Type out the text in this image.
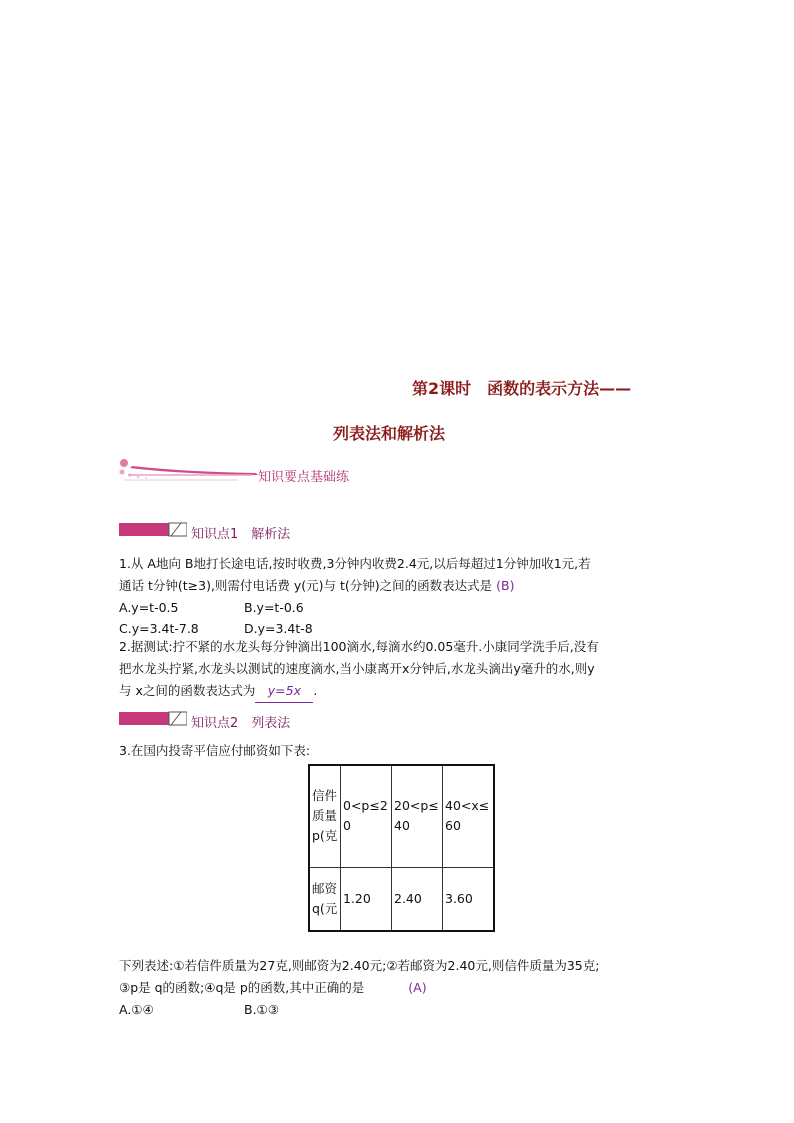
第2课时　函数的表示方法——
列表法和解析法
知识要点基础练
知识点1　解析法
1.从 A地向 B地打长途电话,按时收费,3分钟内收费2.4元,以后每超过1分钟加收1元,若
通话 t分钟(t≥3),则需付电话费 y(元)与 t(分钟)之间的函数表达式是 (B)
A.y=t-0.5	B.y=t-0.6
C.y=3.4t-7.8	D.y=3.4t-8
2.据测试:拧不紧的水龙头每分钟滴出100滴水,每滴水约0.05毫升.小康同学洗手后,没有
把水龙头拧紧,水龙头以测试的速度滴水,当小康离开x分钟后,水龙头滴出y毫升的水,则y
与 x之间的函数表达式为 y=5x .
知识点2　列表法
3.在国内投寄平信应付邮资如下表:
信件质量p(克	0<p≤20	20<p≤40	40<x≤60
邮资q(元	1.20	2.40	3.60
下列表述:①若信件质量为27克,则邮资为2.40元;②若邮资为2.40元,则信件质量为35克;
③p是 q的函数;④q是 p的函数,其中正确的是	(A)
A.①④	B.①③
